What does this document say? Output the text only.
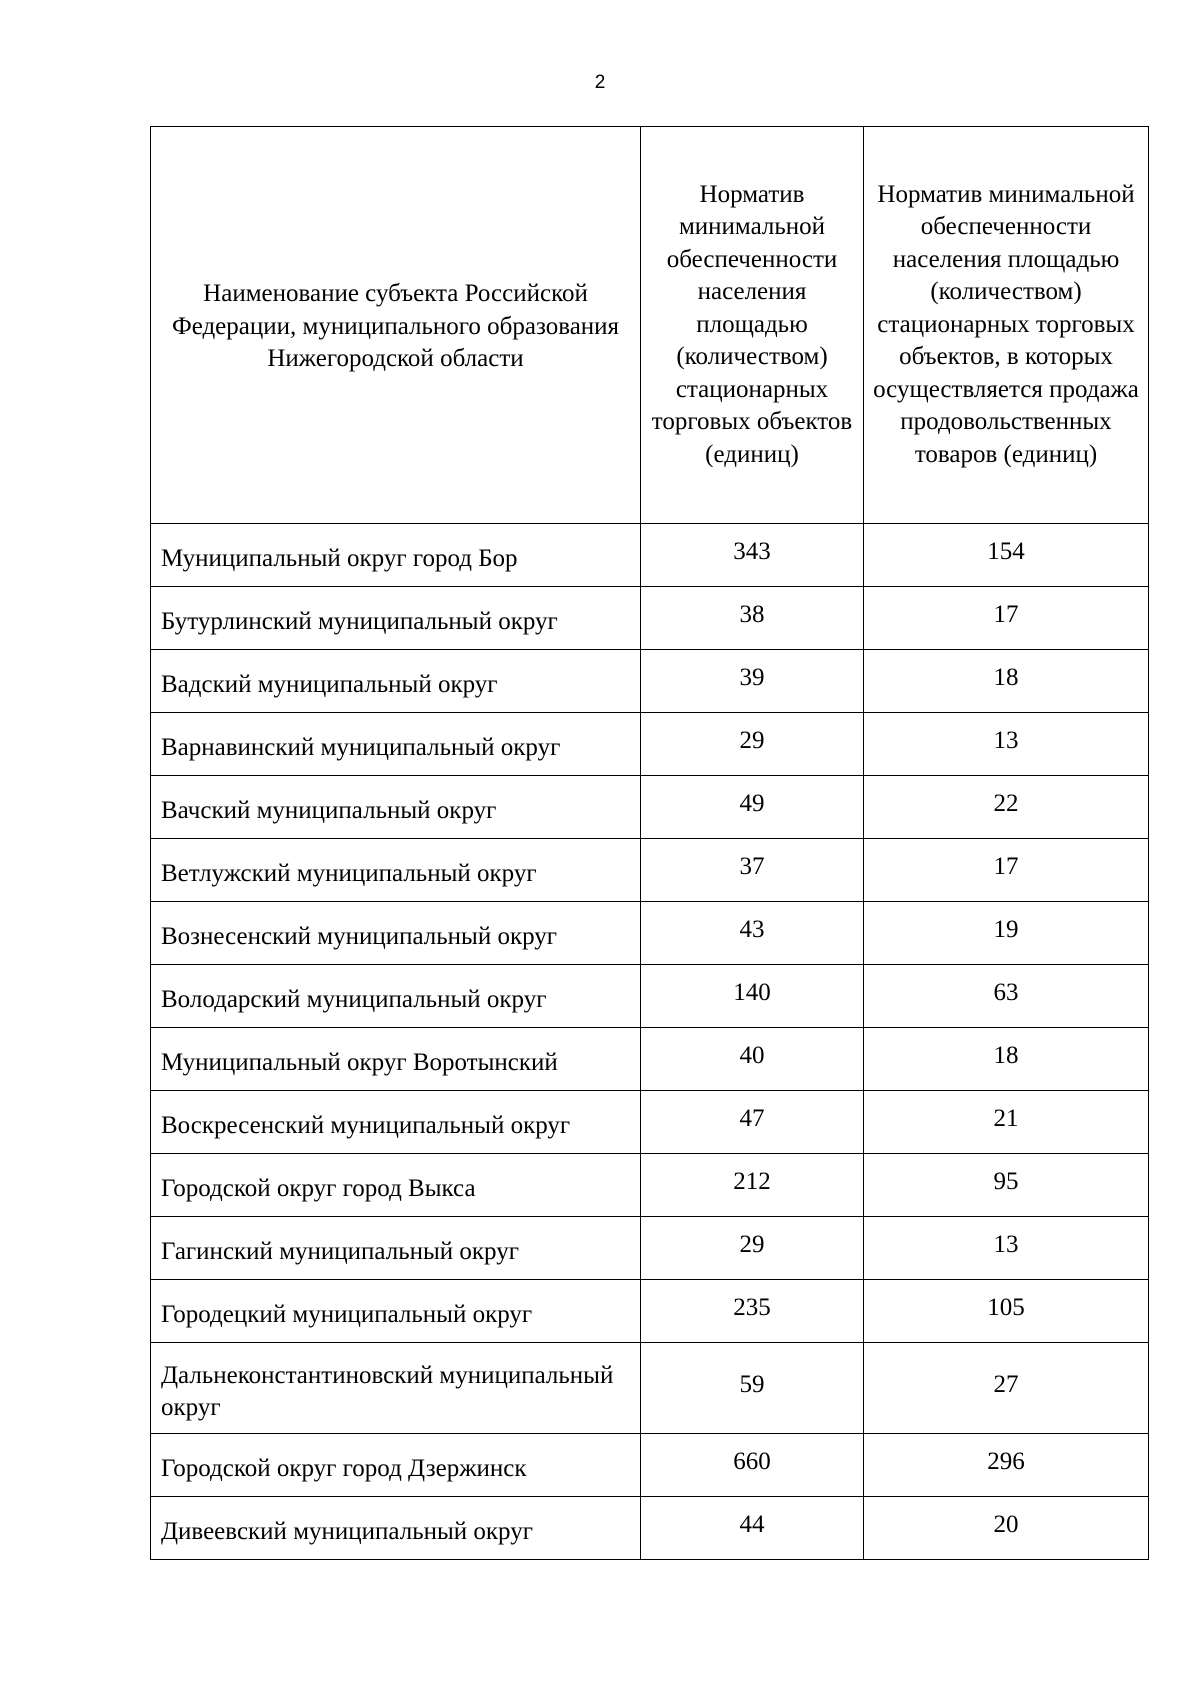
2
Наименование субъекта Российской Федерации, муниципального образования Нижегородской области	Норматив минимальной обеспеченности населения площадью (количеством) стационарных торговых объектов (единиц)	Норматив минимальной обеспеченности населения площадью (количеством) стационарных торговых объектов, в которых осуществляется продажа продовольственных товаров (единиц)
Муниципальный округ город Бор	343	154
Бутурлинский муниципальный округ	38	17
Вадский муниципальный округ	39	18
Варнавинский муниципальный округ	29	13
Вачский муниципальный округ	49	22
Ветлужский муниципальный округ	37	17
Вознесенский муниципальный округ	43	19
Володарский муниципальный округ	140	63
Муниципальный округ Воротынский	40	18
Воскресенский муниципальный округ	47	21
Городской округ город Выкса	212	95
Гагинский муниципальный округ	29	13
Городецкий муниципальный округ	235	105
Дальнеконстантиновский муниципальный округ	59	27
Городской округ город Дзержинск	660	296
Дивеевский муниципальный округ	44	20
